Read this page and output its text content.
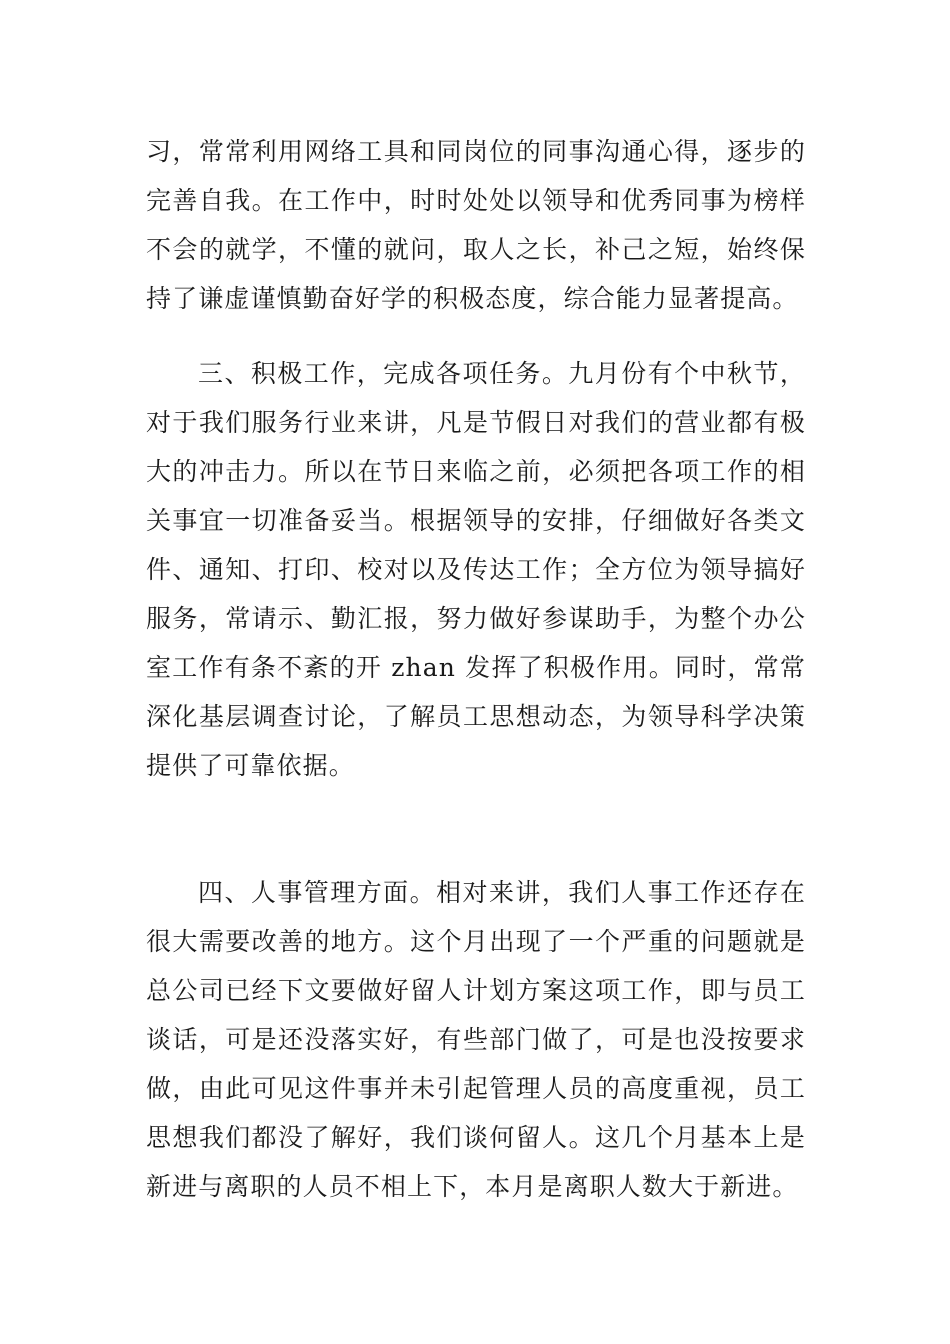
习，常常利用网络工具和同岗位的同事沟通心得，逐步的完善自我。在工作中，时时处处以领导和优秀同事为榜样不会的就学，不懂的就问，取人之长，补己之短，始终保持了谦虚谨慎勤奋好学的积极态度，综合能力显著提高。

三、积极工作，完成各项任务。九月份有个中秋节，对于我们服务行业来讲，凡是节假日对我们的营业都有极大的冲击力。所以在节日来临之前，必须把各项工作的相关事宜一切准备妥当。根据领导的安排，仔细做好各类文件、通知、打印、校对以及传达工作；全方位为领导搞好服务，常请示、勤汇报，努力做好参谋助手，为整个办公室工作有条不紊的开 zhan 发挥了积极作用。同时，常常深化基层调查讨论，了解员工思想动态，为领导科学决策提供了可靠依据。

四、人事管理方面。相对来讲，我们人事工作还存在很大需要改善的地方。这个月出现了一个严重的问题就是总公司已经下文要做好留人计划方案这项工作，即与员工谈话，可是还没落实好，有些部门做了，可是也没按要求做，由此可见这件事并未引起管理人员的高度重视，员工思想我们都没了解好，我们谈何留人。这几个月基本上是新进与离职的人员不相上下，本月是离职人数大于新进。
